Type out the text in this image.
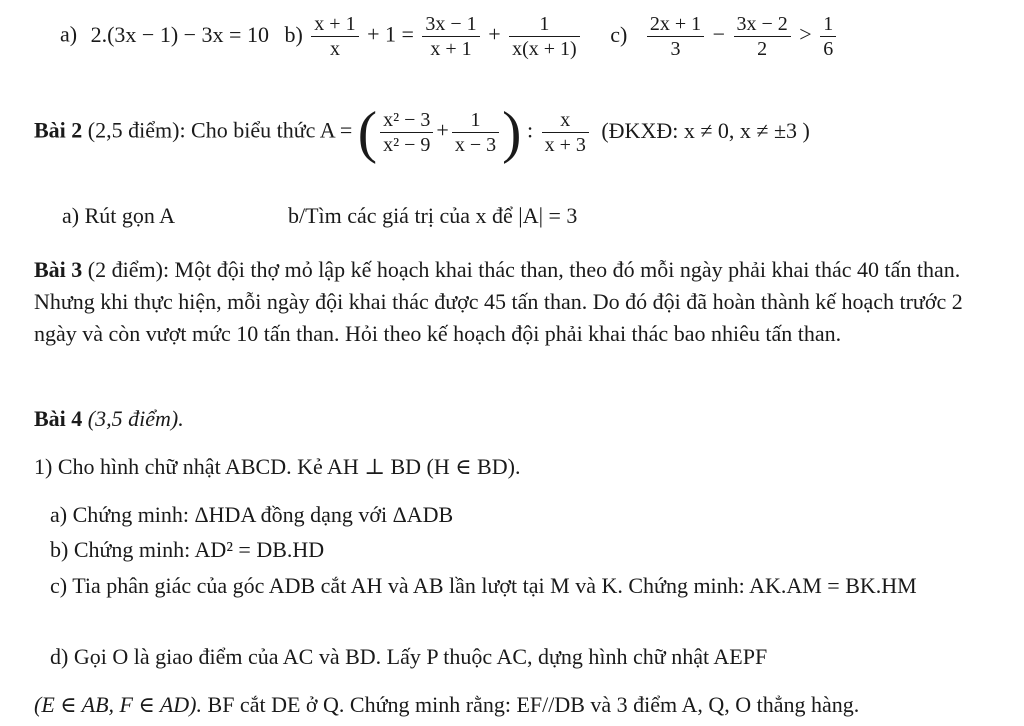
a) 2.(3x − 1) − 3x = 10 $b) \frac{x + 1}{x} + 1 = \frac{3x - 1}{x + 1} + \frac{1}{x(x + 1)} c) \frac{2x + 1}{3} - \frac{3x - 2}{2} > \frac{1}{6}$
Bài 2 (2,5 điểm): Cho biểu thức A = ( $\frac{\text{x² − 3}}{\text{x² − 9}} + \frac{1}{x - 3}$ ) : $\frac{x}{x + 3}$ (ĐKXĐ: x ≠ 0, x ≠ ±3 )
a) Rút gọn A	b/Tìm các giá trị của x để |A| = 3
Bài 3 (2 điểm): Một đội thợ mỏ lập kế hoạch khai thác than, theo đó mỗi ngày phải khai thác 40 tấn than. Nhưng khi thực hiện, mỗi ngày đội khai thác được 45 tấn than. Do đó đội đã hoàn thành kế hoạch trước 2 ngày và còn vượt mức 10 tấn than. Hỏi theo kế hoạch đội phải khai thác bao nhiêu tấn than.
Bài 4 (3,5 điểm).
1) Cho hình chữ nhật ABCD. Kẻ AH ⊥ BD (H ∈ BD).
a) Chứng minh: ΔHDA đồng dạng với ΔADB
b) Chứng minh: AD² = DB.HD
c) Tia phân giác của góc ADB cắt AH và AB lần lượt tại M và K. Chứng minh: AK.AM = BK.HM
d) Gọi O là giao điểm của AC và BD. Lấy P thuộc AC, dựng hình chữ nhật AEPF
(E ∈ AB, F ∈ AD). BF cắt DE ở Q. Chứng minh rằng: EF//DB và 3 điểm A, Q, O thẳng hàng.
